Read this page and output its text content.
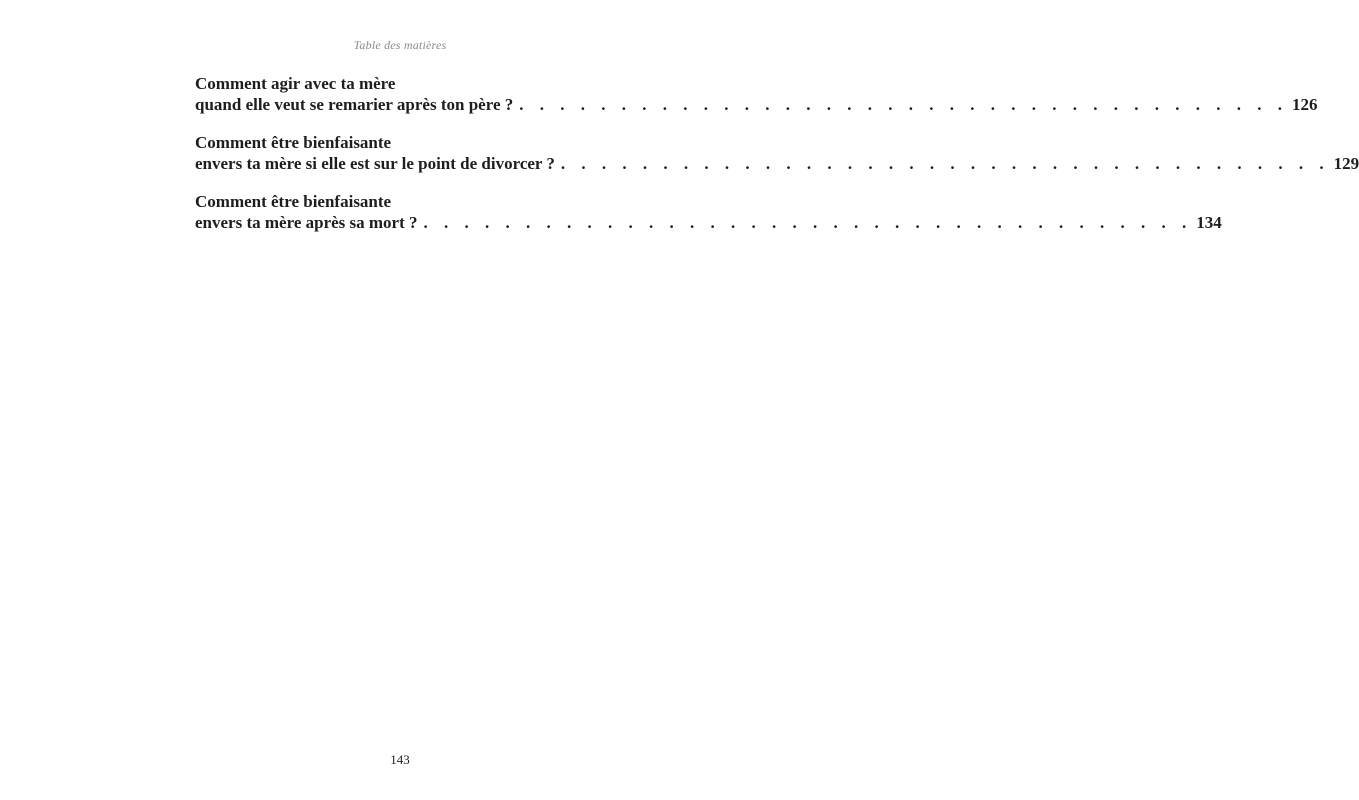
Table des matières
Comment agir avec ta mère
quand elle veut se remarier après ton père ? . . . . . . . . . . . . . . . . . . . . . . . . . . . . . . . . . . . . . . 126
Comment être bienfaisante
envers ta mère si elle est sur le point de divorcer ? . . . . . . . . . . . . . . . . . . . . . . . . . . . . . . . . . . . . . . 129
Comment être bienfaisante
envers ta mère après sa mort ? . . . . . . . . . . . . . . . . . . . . . . . . . . . . . . . . . . . . . . 134
143
